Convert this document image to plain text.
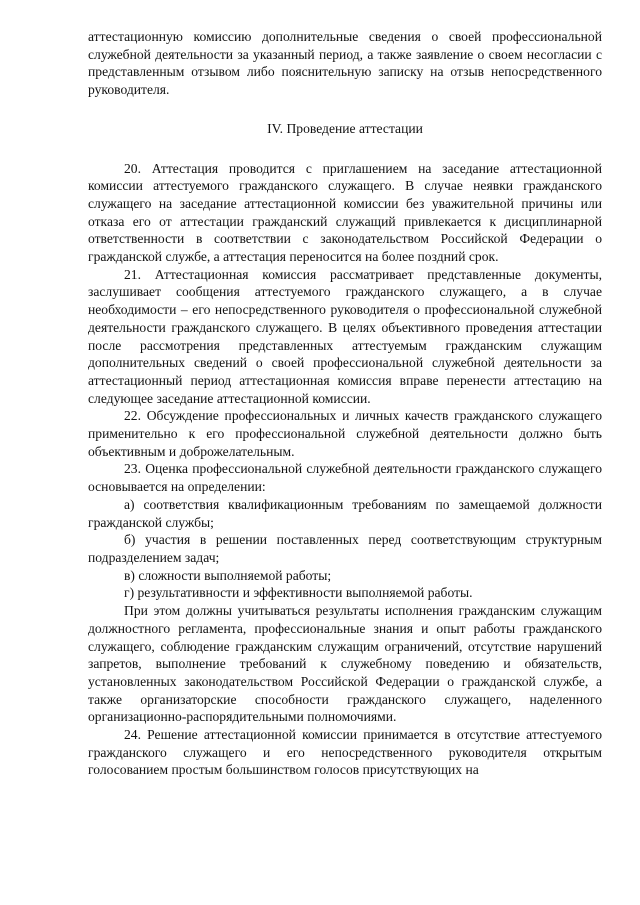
аттестационную комиссию дополнительные сведения о своей профессиональной служебной деятельности за указанный период, а также заявление о своем несогласии с представленным отзывом либо пояснительную записку на отзыв непосредственного руководителя.

IV. Проведение аттестации

20. Аттестация проводится с приглашением на заседание аттестационной комиссии аттестуемого гражданского служащего. В случае неявки гражданского служащего на заседание аттестационной комиссии без уважительной причины или отказа его от аттестации гражданский служащий привлекается к дисциплинарной ответственности в соответствии с законодательством Российской Федерации о гражданской службе, а аттестация переносится на более поздний срок.

21. Аттестационная комиссия рассматривает представленные документы, заслушивает сообщения аттестуемого гражданского служащего, а в случае необходимости – его непосредственного руководителя о профессиональной служебной деятельности гражданского служащего. В целях объективного проведения аттестации после рассмотрения представленных аттестуемым гражданским служащим дополнительных сведений о своей профессиональной служебной деятельности за аттестационный период аттестационная комиссия вправе перенести аттестацию на следующее заседание аттестационной комиссии.

22. Обсуждение профессиональных и личных качеств гражданского служащего применительно к его профессиональной служебной деятельности должно быть объективным и доброжелательным.

23. Оценка профессиональной служебной деятельности гражданского служащего основывается на определении:

а) соответствия квалификационным требованиям по замещаемой должности гражданской службы;

б) участия в решении поставленных перед соответствующим структурным подразделением задач;

в) сложности выполняемой работы;

г) результативности и эффективности выполняемой работы.

При этом должны учитываться результаты исполнения гражданским служащим должностного регламента, профессиональные знания и опыт работы гражданского служащего, соблюдение гражданским служащим ограничений, отсутствие нарушений запретов, выполнение требований к служебному поведению и обязательств, установленных законодательством Российской Федерации о гражданской службе, а также организаторские способности гражданского служащего, наделенного организационно-распорядительными полномочиями.

24. Решение аттестационной комиссии принимается в отсутствие аттестуемого гражданского служащего и его непосредственного руководителя открытым голосованием простым большинством голосов присутствующих на
